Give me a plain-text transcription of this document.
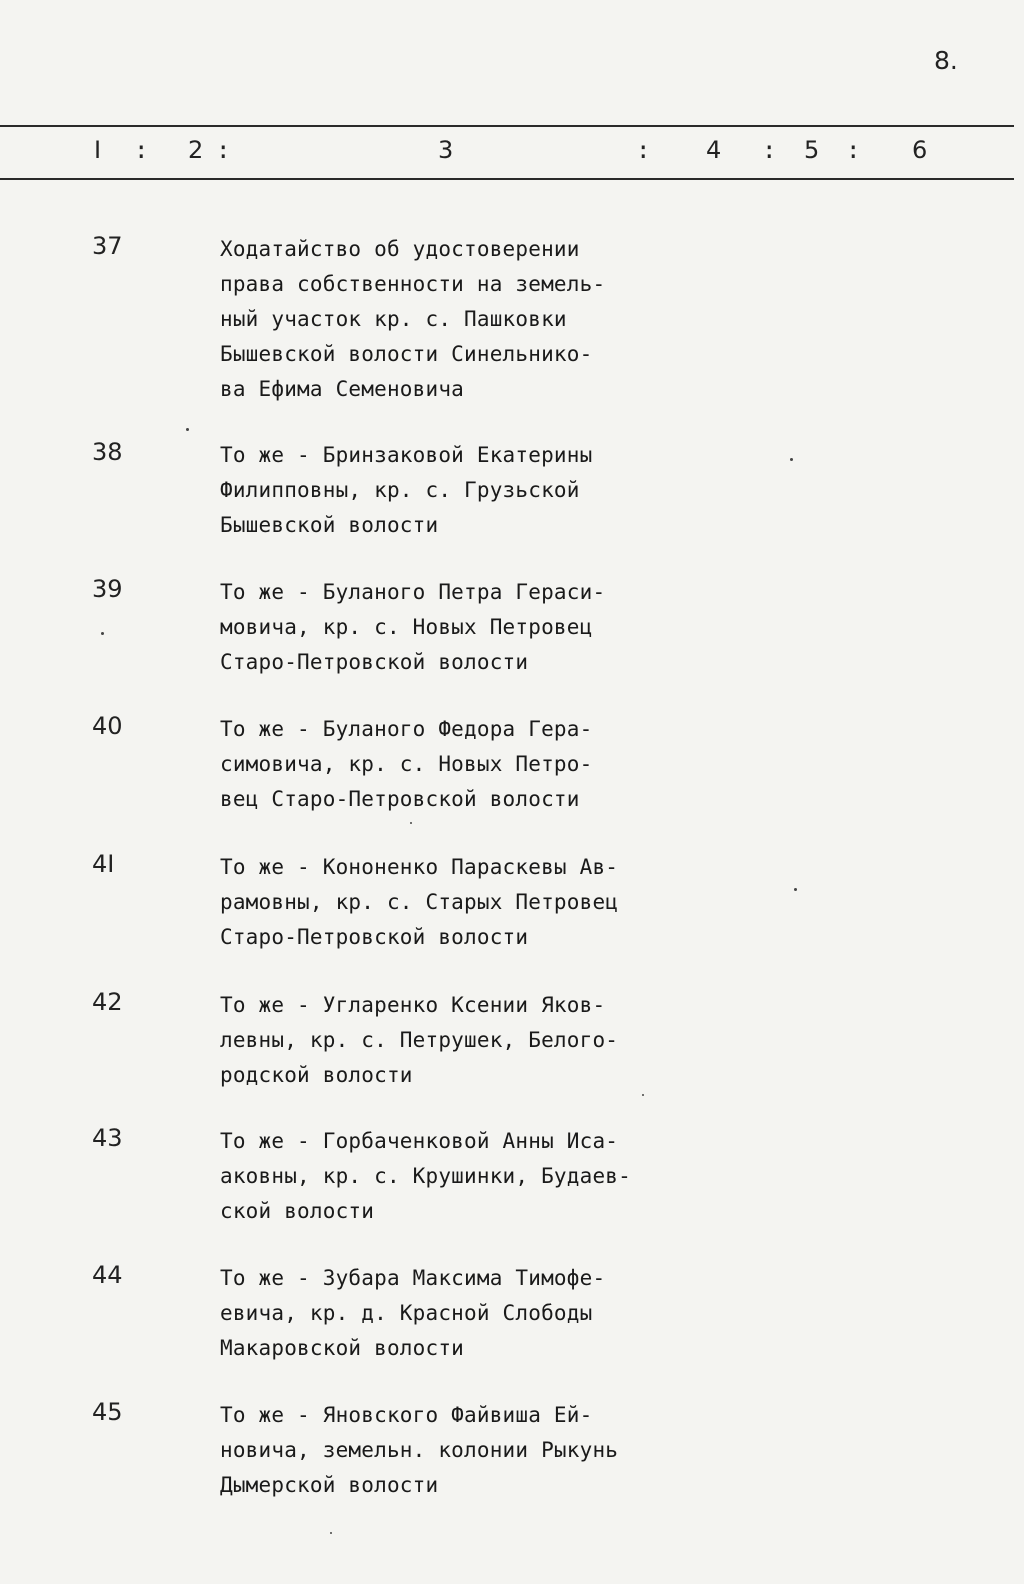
8.
I : 2 :	3	: 4 : 5 : 6
37	Ходатайство об удостоверении
права собственности на земель-
ный участок кр. с. Пашковки
Бышевской волости Синельнико-
ва Ефима Семеновича
38	То же - Бринзаковой Екатерины
Филипповны, кр. с. Грузьской
Бышевской волости
39	То же - Буланого Петра Гераси-
мовича, кр. с. Новых Петровец
Старо-Петровской волости
40	То же - Буланого Федора Гера-
симовича, кр. с. Новых Петро-
вец Старо-Петровской волости
4I	То же - Кононенко Параскевы Ав-
рамовны, кр. с. Старых Петровец
Старо-Петровской волости
42	То же - Угларенко Ксении Яков-
левны, кр. с. Петрушек, Белого-
родской волости
43	То же - Горбаченковой Анны Иса-
аковны, кр. с. Крушинки, Будаев-
ской волости
44	То же - Зубара Максима Тимофе-
евича, кр. д. Красной Слободы
Макаровской волости
45	То же - Яновского Файвиша Ей-
новича, земельн. колонии Рыкунь
Дымерской волости
